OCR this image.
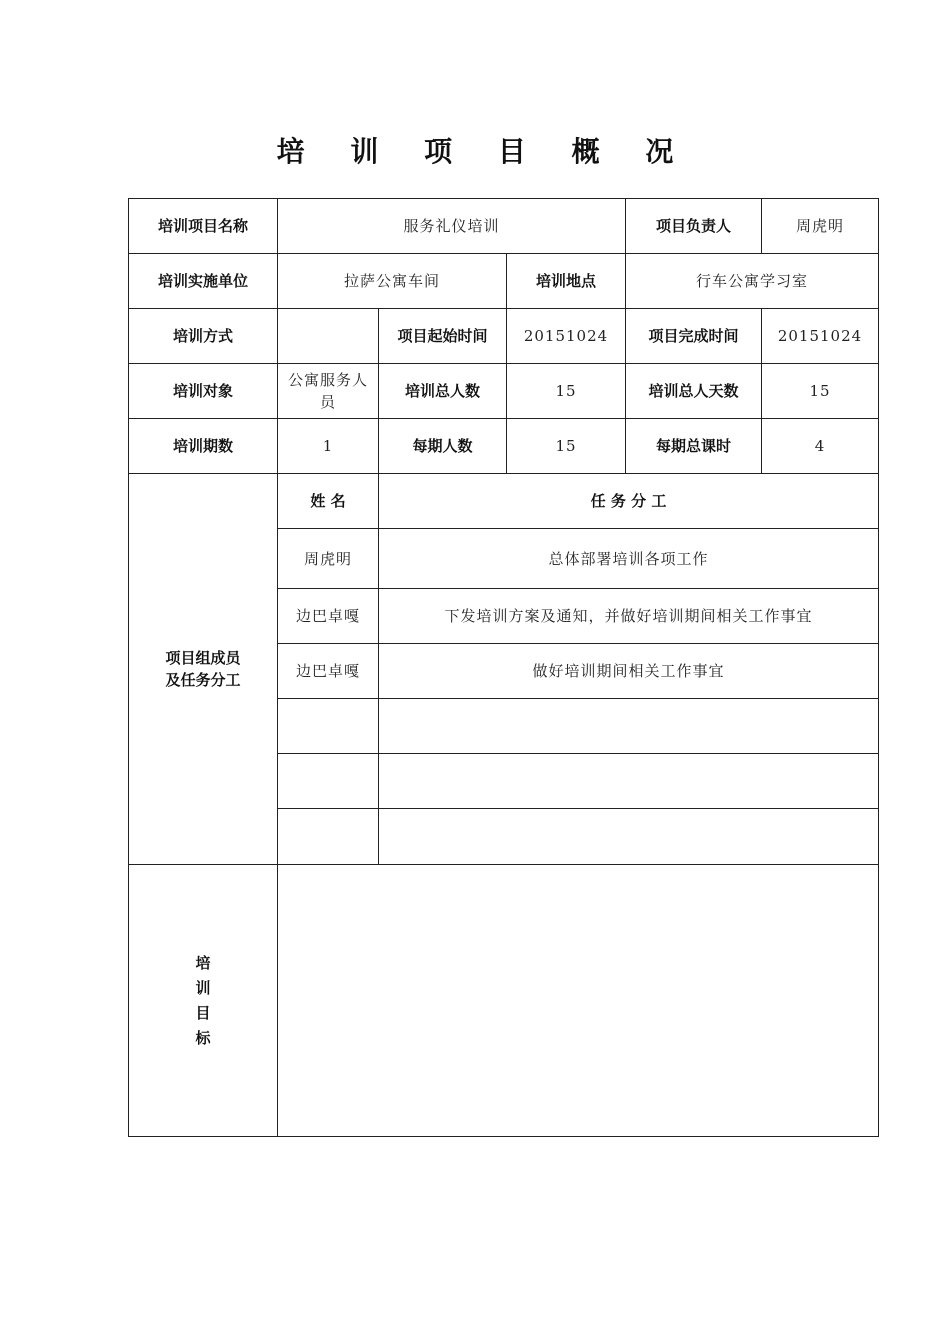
培 训 项 目 概 况
培训项目名称	服务礼仪培训			项目负责人	周虎明
培训实施单位	拉萨公寓车间		培训地点	行车公寓学习室	
培训方式		项目起始时间	20151024	项目完成时间	20151024
培训对象	公寓服务人员	培训总人数	15	培训总人天数	15
培训期数	1	每期人数	15	每期总课时	4
项目组成员
及任务分工	姓 名	任 务 分 工			
	周虎明	总体部署培训各项工作			
	边巴卓嘎	下发培训方案及通知，并做好培训期间相关工作事宜			
	边巴卓嘎	做好培训期间相关工作事宜			

培
训
目
标					
